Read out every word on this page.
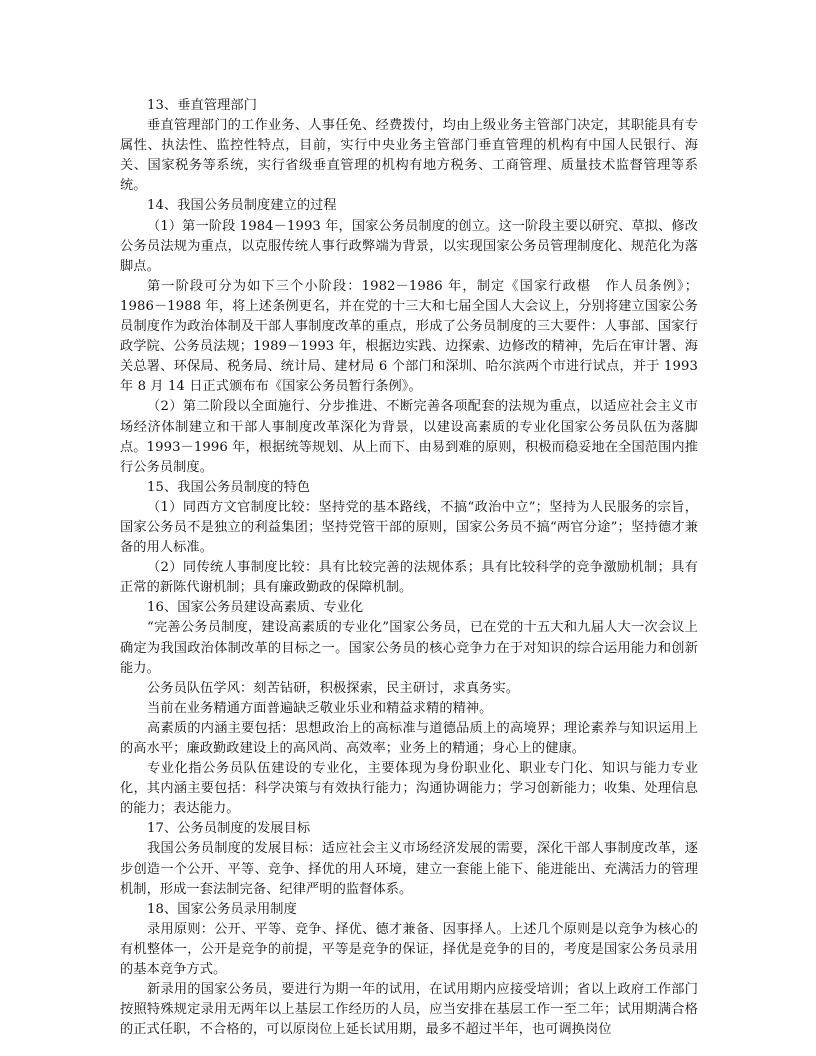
13、垂直管理部门

垂直管理部门的工作业务、人事任免、经费拨付，均由上级业务主管部门决定，其职能具有专属性、执法性、监控性特点，目前，实行中央业务主管部门垂直管理的机构有中国人民银行、海关、国家税务等系统，实行省级垂直管理的机构有地方税务、工商管理、质量技术监督管理等系统。

14、我国公务员制度建立的过程

（1）第一阶段 1984－1993 年，国家公务员制度的创立。这一阶段主要以研究、草拟、修改公务员法规为重点，以克服传统人事行政弊端为背景，以实现国家公务员管理制度化、规范化为落脚点。

第一阶段可分为如下三个小阶段：1982－1986 年，制定《国家行政椹　作人员条例》；1986－1988 年，将上述条例更名，并在党的十三大和七届全国人大会议上，分别将建立国家公务员制度作为政治体制及干部人事制度改革的重点，形成了公务员制度的三大要件：人事部、国家行政学院、公务员法规；1989－1993 年，根据边实践、边探索、边修改的精神，先后在审计署、海关总署、环保局、税务局、统计局、建材局 6 个部门和深圳、哈尔滨两个市进行试点，并于 1993 年 8 月 14 日正式颁布布《国家公务员暂行条例》。

（2）第二阶段以全面施行、分步推进、不断完善各项配套的法规为重点，以适应社会主义市场经济体制建立和干部人事制度改革深化为背景，以建设高素质的专业化国家公务员队伍为落脚点。1993－1996 年，根据统等规划、从上而下、由易到难的原则，积极而稳妥地在全国范围内推行公务员制度。

15、我国公务员制度的特色

（1）同西方文官制度比较：坚持党的基本路线，不搞“政治中立”；坚持为人民服务的宗旨，国家公务员不是独立的利益集团；坚持党管干部的原则，国家公务员不搞“两官分途”；坚持德才兼备的用人标准。

（2）同传统人事制度比较：具有比较完善的法规体系；具有比较科学的竞争激励机制；具有正常的新陈代谢机制；具有廉政勤政的保障机制。

16、国家公务员建设高素质、专业化

“完善公务员制度，建设高素质的专业化”国家公务员，已在党的十五大和九届人大一次会议上确定为我国政治体制改革的目标之一。国家公务员的核心竞争力在于对知识的综合运用能力和创新能力。

公务员队伍学风：刻苦钻研，积极探索，民主研讨，求真务实。

当前在业务精通方面普遍缺乏敬业乐业和精益求精的精神。

高素质的内涵主要包括：思想政治上的高标准与道德品质上的高境界；理论素养与知识运用上的高水平；廉政勤政建设上的高风尚、高效率；业务上的精通；身心上的健康。

专业化指公务员队伍建设的专业化，主要体现为身份职业化、职业专门化、知识与能力专业化，其内涵主要包括：科学决策与有效执行能力；沟通协调能力；学习创新能力；收集、处理信息的能力；表达能力。

17、公务员制度的发展目标

我国公务员制度的发展目标：适应社会主义市场经济发展的需要，深化干部人事制度改革，逐步创造一个公开、平等、竞争、择优的用人环境，建立一套能上能下、能进能出、充满活力的管理机制，形成一套法制完备、纪律严明的监督体系。

18、国家公务员录用制度

录用原则：公开、平等、竞争、择优、德才兼备、因事择人。上述几个原则是以竞争为核心的有机整体一，公开是竞争的前提，平等是竞争的保证，择优是竞争的目的，考度是国家公务员录用的基本竞争方式。

新录用的国家公务员，要进行为期一年的试用，在试用期内应接受培训；省以上政府工作部门按照特殊规定录用无两年以上基层工作经历的人员，应当安排在基层工作一至二年；试用期满合格的正式任职，不合格的，可以原岗位上延长试用期，最多不超过半年，也可调换岗位
